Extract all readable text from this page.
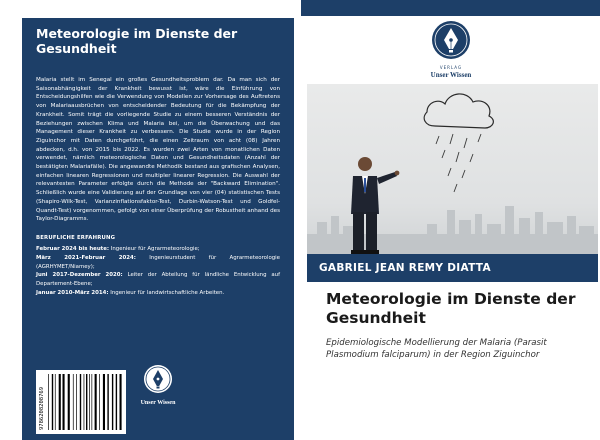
Meteorologie im Dienste der Gesundheit
Malaria stellt im Senegal ein großes Gesundheitsproblem dar. Da man sich der Saisonabhängigkeit der Krankheit bewusst ist, wäre die Einführung von Entscheidungshilfen wie die Verwendung von Modellen zur Vorhersage des Auftretens von Malariaausbrüchen von entscheidender Bedeutung für die Bekämpfung der Krankheit. Somit trägt die vorliegende Studie zu einem besseren Verständnis der Beziehungen zwischen Klima und Malaria bei, um die Überwachung und das Management dieser Krankheit zu verbessern. Die Studie wurde in der Region Ziguinchor mit Daten durchgeführt, die einen Zeitraum von acht (08) Jahren abdecken, d.h. von 2015 bis 2022. Es wurden zwei Arten von monatlichen Daten verwendet, nämlich meteorologische Daten und Gesundheitsdaten (Anzahl der bestätigten Malariafälle). Die angewandte Methodik bestand aus grafischen Analysen, einfachen linearen Regressionen und multipler linearer Regression. Die Auswahl der relevantesten Parameter erfolgte durch die Methode der "Backward Elimination". Schließlich wurde eine Validierung auf der Grundlage von vier (04) statistischen Tests (Shapiro-Wilk-Test, Varianzinflationsfaktor-Test, Durbin-Watson-Test und Goldfel-Quandt-Test) vorgenommen, gefolgt von einer Überprüfung der Robustheit anhand des Taylor-Diagramms.
BERUFLICHE ERFAHRUNG
Februar 2024 bis heute: Ingenieur für Agrarmeteorologie;
März 2021-Februar 2024: Ingenieurstudent für Agrarmeteorologie (AGRHYMET/Niamey);
Juni 2017-Dezember 2020: Leiter der Abteilung für ländliche Entwicklung auf Departement-Ebene;
Januar 2010-März 2014: Ingenieur für landwirtschaftliche Arbeiten.
9786208208769	Unser Wissen
VERLAG
Unser Wissen
GABRIEL JEAN REMY DIATTA
Meteorologie im Dienste der Gesundheit
Epidemiologische Modellierung der Malaria (Parasit Plasmodium falciparum) in der Region Ziguinchor
